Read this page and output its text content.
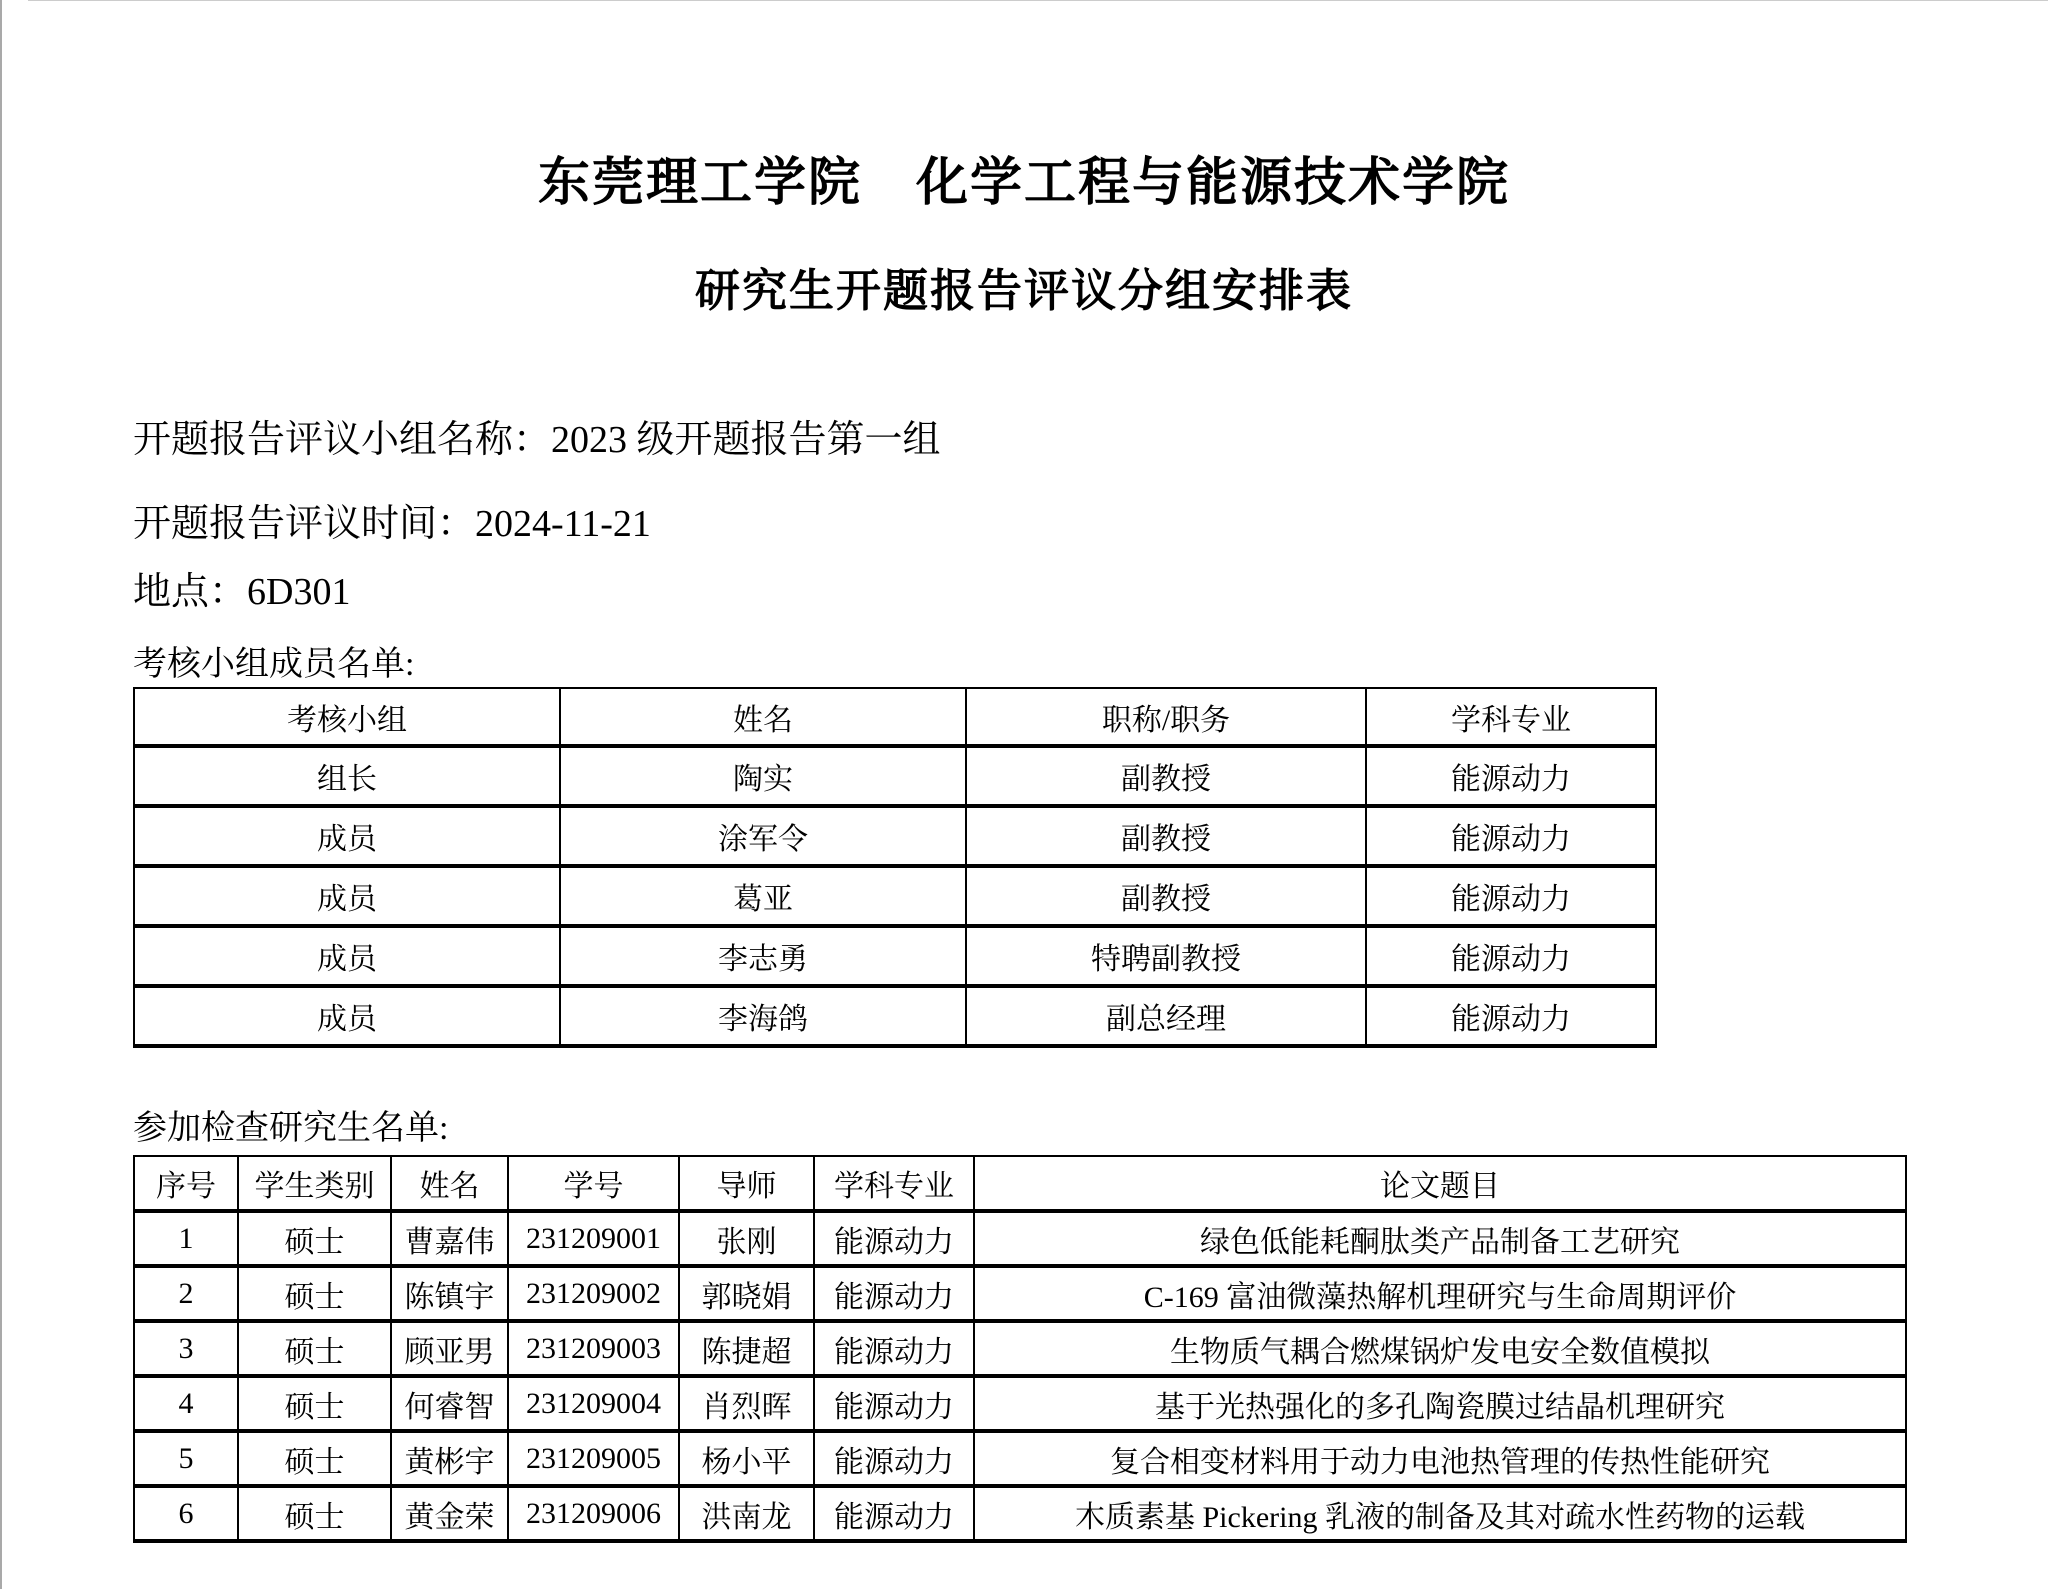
东莞理工学院　化学工程与能源技术学院
研究生开题报告评议分组安排表
开题报告评议小组名称：2023 级开题报告第一组
开题报告评议时间：2024-11-21
地点：6D301
考核小组成员名单:
考核小组	姓名	职称/职务	学科专业
组长	陶实	副教授	能源动力
成员	涂军令	副教授	能源动力
成员	葛亚	副教授	能源动力
成员	李志勇	特聘副教授	能源动力
成员	李海鸽	副总经理	能源动力
参加检查研究生名单:
序号	学生类别	姓名	学号	导师	学科专业	论文题目
1	硕士	曹嘉伟	231209001	张刚	能源动力	绿色低能耗酮肽类产品制备工艺研究
2	硕士	陈镇宇	231209002	郭晓娟	能源动力	C-169 富油微藻热解机理研究与生命周期评价
3	硕士	顾亚男	231209003	陈捷超	能源动力	生物质气耦合燃煤锅炉发电安全数值模拟
4	硕士	何睿智	231209004	肖烈晖	能源动力	基于光热强化的多孔陶瓷膜过结晶机理研究
5	硕士	黄彬宇	231209005	杨小平	能源动力	复合相变材料用于动力电池热管理的传热性能研究
6	硕士	黄金荣	231209006	洪南龙	能源动力	木质素基 Pickering 乳液的制备及其对疏水性药物的运载
